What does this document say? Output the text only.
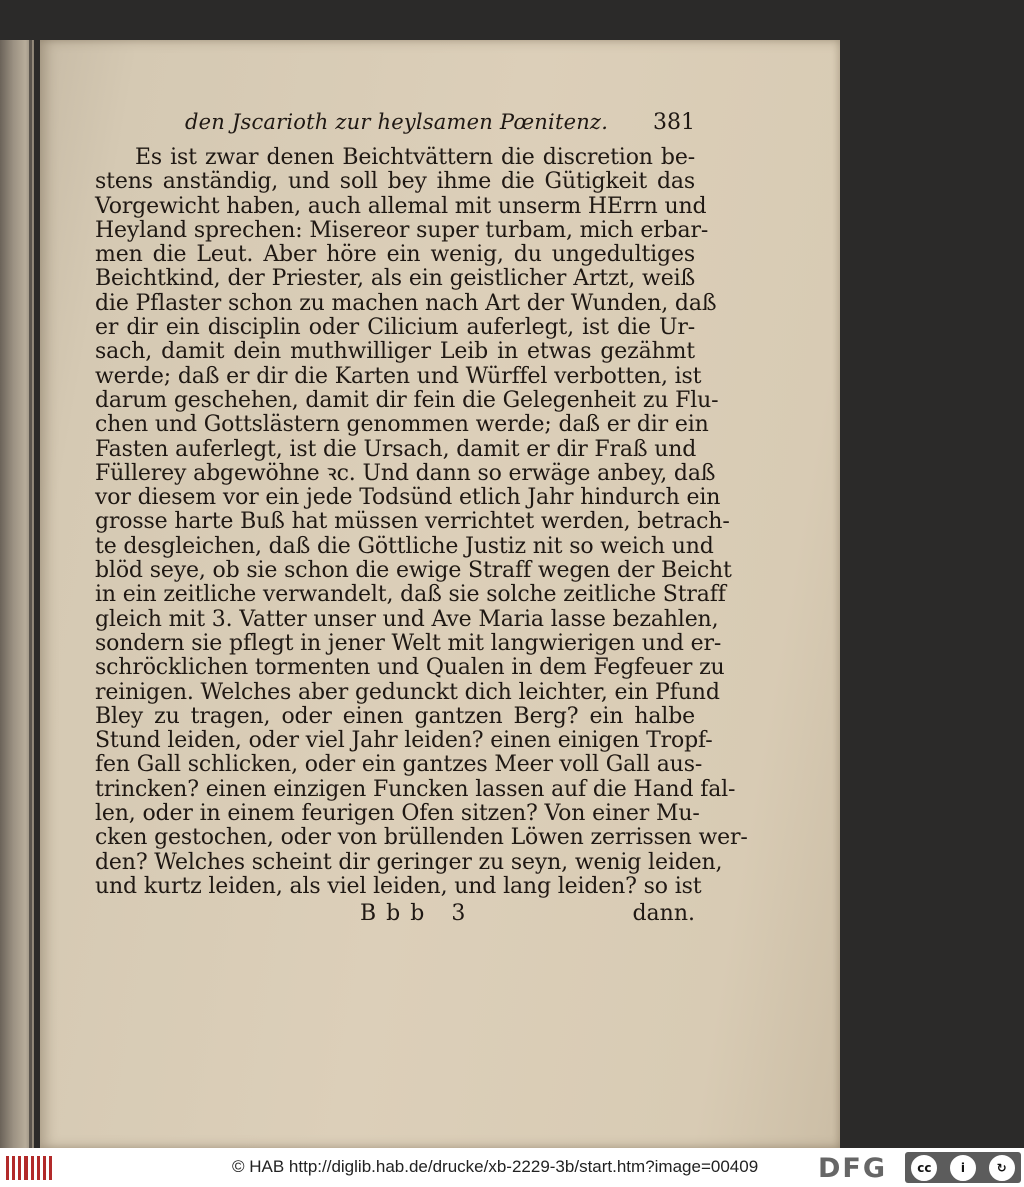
den Jscarioth zur heylsamen Pœnitenz. 381
Es ist zwar denen Beichtvättern die discretion be-
stens anständig, und soll bey ihme die Gütigkeit das
Vorgewicht haben, auch allemal mit unserm HErrn und
Heyland sprechen: Misereor super turbam, mich erbar-
men die Leut. Aber höre ein wenig, du ungedultiges
Beichtkind, der Priester, als ein geistlicher Artzt, weiß
die Pflaster schon zu machen nach Art der Wunden, daß
er dir ein disciplin oder Cilicium auferlegt, ist die Ur-
sach, damit dein muthwilliger Leib in etwas gezähmt
werde; daß er dir die Karten und Würffel verbotten, ist
darum geschehen, damit dir fein die Gelegenheit zu Flu-
chen und Gottslästern genommen werde; daß er dir ein
Fasten auferlegt, ist die Ursach, damit er dir Fraß und
Füllerey abgewöhne ꝛc. Und dann so erwäge anbey, daß
vor diesem vor ein jede Todsünd etlich Jahr hindurch ein
grosse harte Buß hat müssen verrichtet werden, betrach-
te desgleichen, daß die Göttliche Justiz nit so weich und
blöd seye, ob sie schon die ewige Straff wegen der Beicht
in ein zeitliche verwandelt, daß sie solche zeitliche Straff
gleich mit 3. Vatter unser und Ave Maria lasse bezahlen,
sondern sie pflegt in jener Welt mit langwierigen und er-
schröcklichen tormenten und Qualen in dem Fegfeuer zu
reinigen. Welches aber gedunckt dich leichter, ein Pfund
Bley zu tragen, oder einen gantzen Berg? ein halbe
Stund leiden, oder viel Jahr leiden? einen einigen Tropf-
fen Gall schlicken, oder ein gantzes Meer voll Gall aus-
trincken? einen einzigen Funcken lassen auf die Hand fal-
len, oder in einem feurigen Ofen sitzen? Von einer Mu-
cken gestochen, oder von brüllenden Löwen zerrissen wer-
den? Welches scheint dir geringer zu seyn, wenig leiden,
und kurtz leiden, als viel leiden, und lang leiden? so ist
Bbb 3	dann.
© HAB http://diglib.hab.de/drucke/xb-2229-3b/start.htm?image=00409 DFG	cc	i	↻
